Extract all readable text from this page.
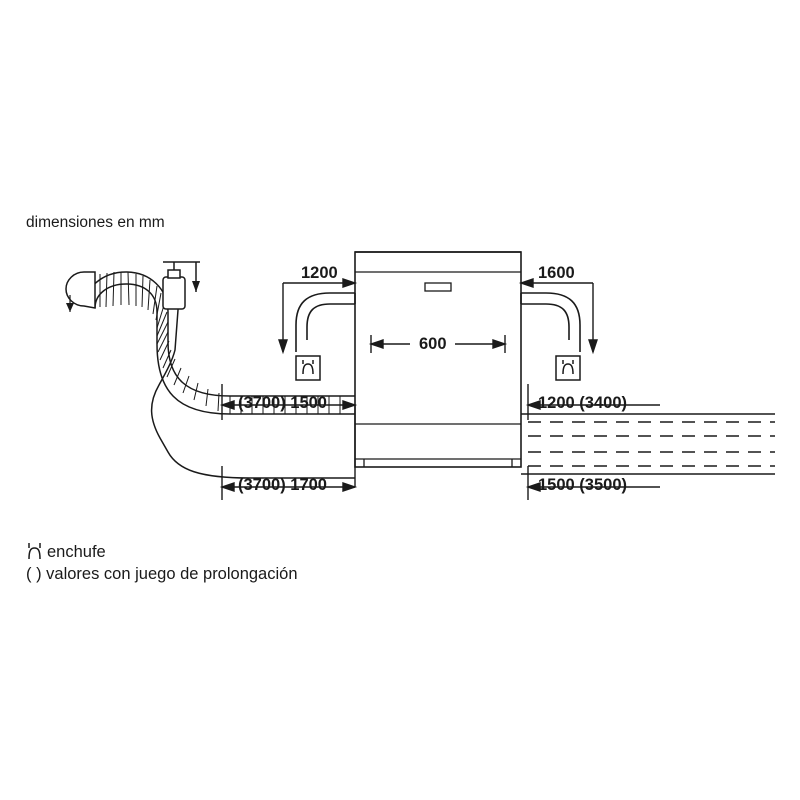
dimensiones en mm
1200	1600
600
(3700) 1500	1200 (3400)
(3700) 1700	1500 (3500)
enchufe
( ) valores con juego de prolongación
